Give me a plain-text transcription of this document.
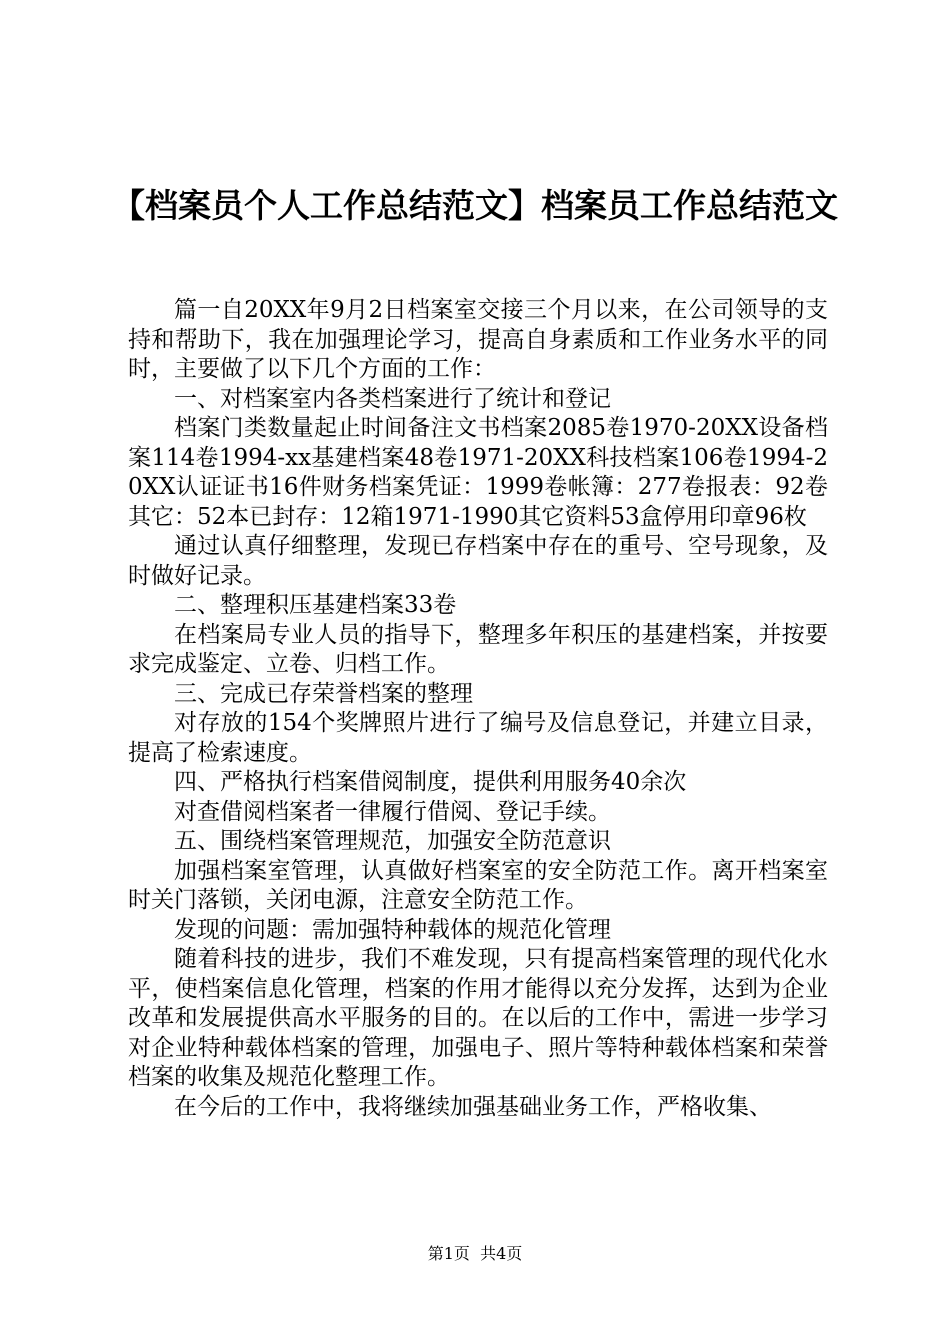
【档案员个人工作总结范文】档案员工作总结范文

篇一自20XX年9月2日档案室交接三个月以来，在公司领导的支持和帮助下，我在加强理论学习，提高自身素质和工作业务水平的同时，主要做了以下几个方面的工作：

一、对档案室内各类档案进行了统计和登记

档案门类数量起止时间备注文书档案2085卷1970-20XX设备档案114卷1994-xx基建档案48卷1971-20XX科技档案106卷1994-20XX认证证书16件财务档案凭证：1999卷帐簿：277卷报表：92卷其它：52本已封存：12箱1971-1990其它资料53盒停用印章96枚

通过认真仔细整理，发现已存档案中存在的重号、空号现象，及时做好记录。

二、整理积压基建档案33卷

在档案局专业人员的指导下，整理多年积压的基建档案，并按要求完成鉴定、立卷、归档工作。

三、完成已存荣誉档案的整理

对存放的154个奖牌照片进行了编号及信息登记，并建立目录，提高了检索速度。

四、严格执行档案借阅制度，提供利用服务40余次

对查借阅档案者一律履行借阅、登记手续。

五、围绕档案管理规范，加强安全防范意识

加强档案室管理，认真做好档案室的安全防范工作。离开档案室时关门落锁，关闭电源，注意安全防范工作。

发现的问题：需加强特种载体的规范化管理

随着科技的进步，我们不难发现，只有提高档案管理的现代化水平，使档案信息化管理，档案的作用才能得以充分发挥，达到为企业改革和发展提供高水平服务的目的。在以后的工作中，需进一步学习对企业特种载体档案的管理，加强电子、照片等特种载体档案和荣誉档案的收集及规范化整理工作。

在今后的工作中，我将继续加强基础业务工作，严格收集、

第1页 共4页
